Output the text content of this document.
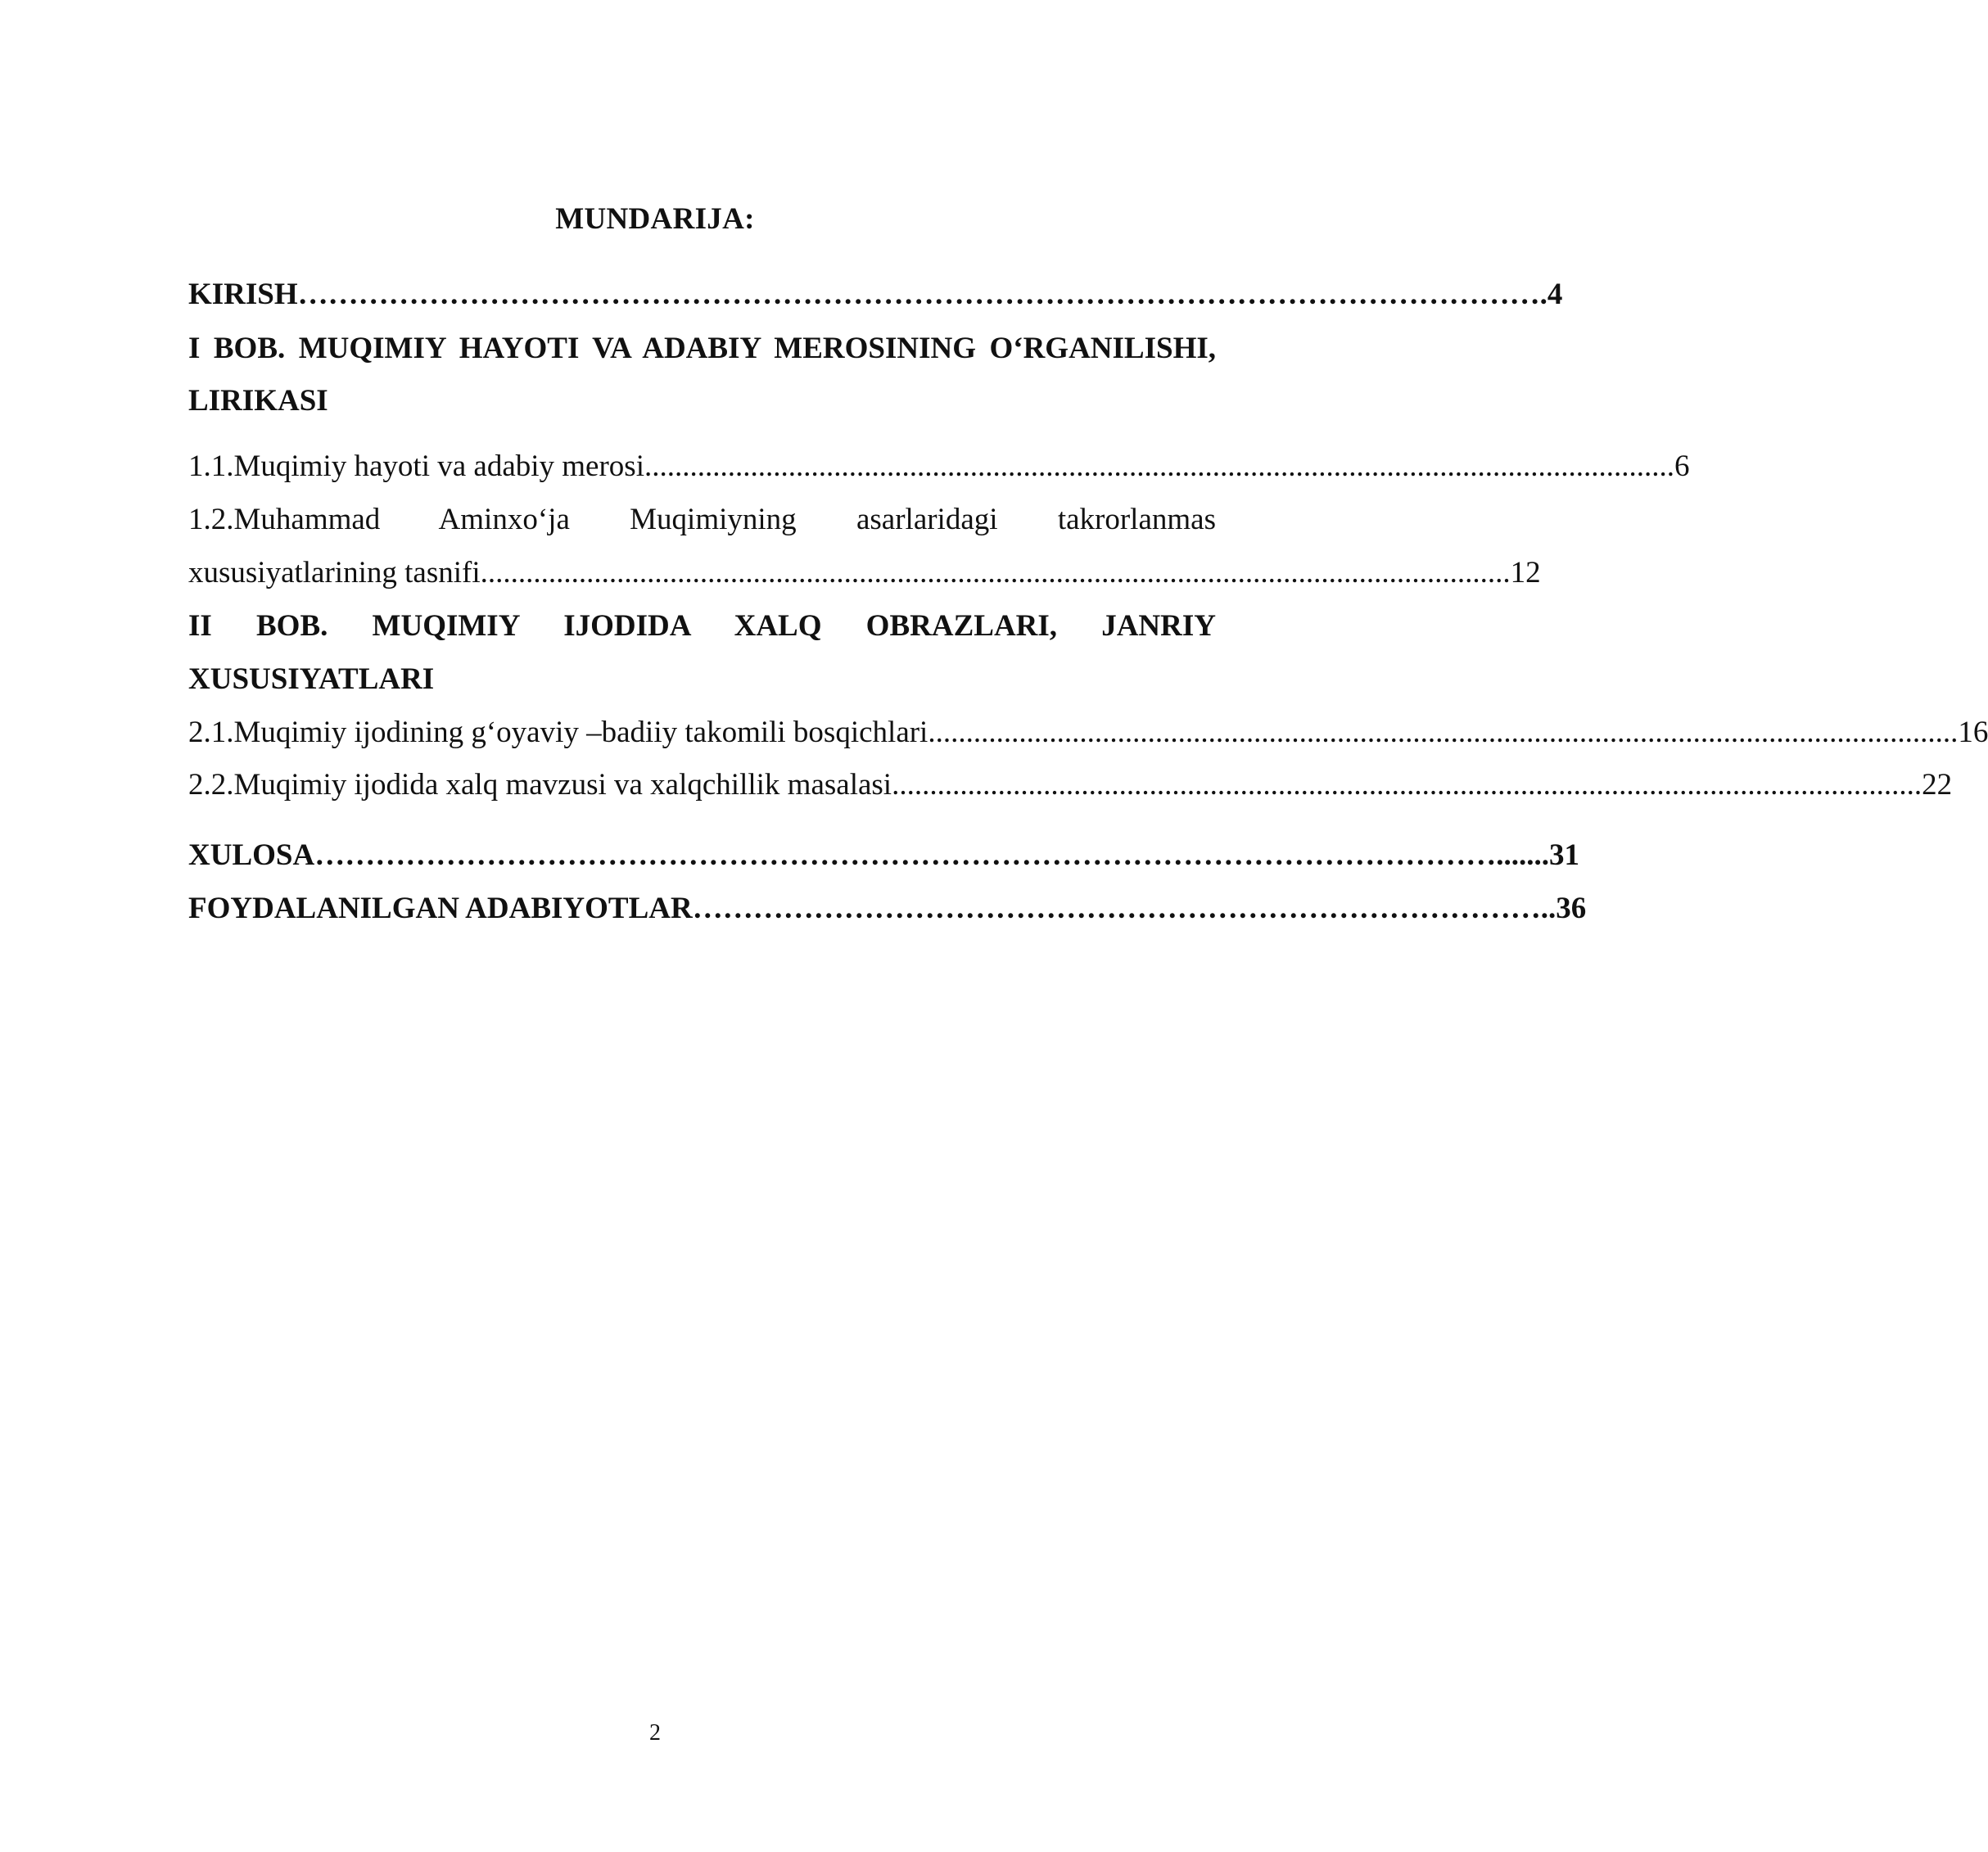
MUNDARIJA:
KIRISH ……………………………………………………………………………………………………………. 4
I BOB. MUQIMIY HAYOTI VA ADABIY MEROSINING O‘RGANILISHI,
LIRIKASI
1.1.Muqimiy hayoti va adabiy merosi ........................................................................................................................................ 6
1.2.Muhammad Aminxo‘ja Muqimiyning asarlaridagi takrorlanmas
xususiyatlarining tasnifi ........................................................................................................................................ 12
II BOB. MUQIMIY IJODIDA XALQ OBRAZLARI, JANRIY
XUSUSIYATLARI
2.1.Muqimiy ijodining g‘oyaviy –badiiy takomili bosqichlari ........................................................................................................................................ 16
2.2.Muqimiy ijodida xalq mavzusi va xalqchillik masalasi ........................................................................................................................................ 22
XULOSA ………………………………………………………………………………………………………....... 31
FOYDALANILGAN ADABIYOTLAR ………………………………………………………………………….. 36
2
